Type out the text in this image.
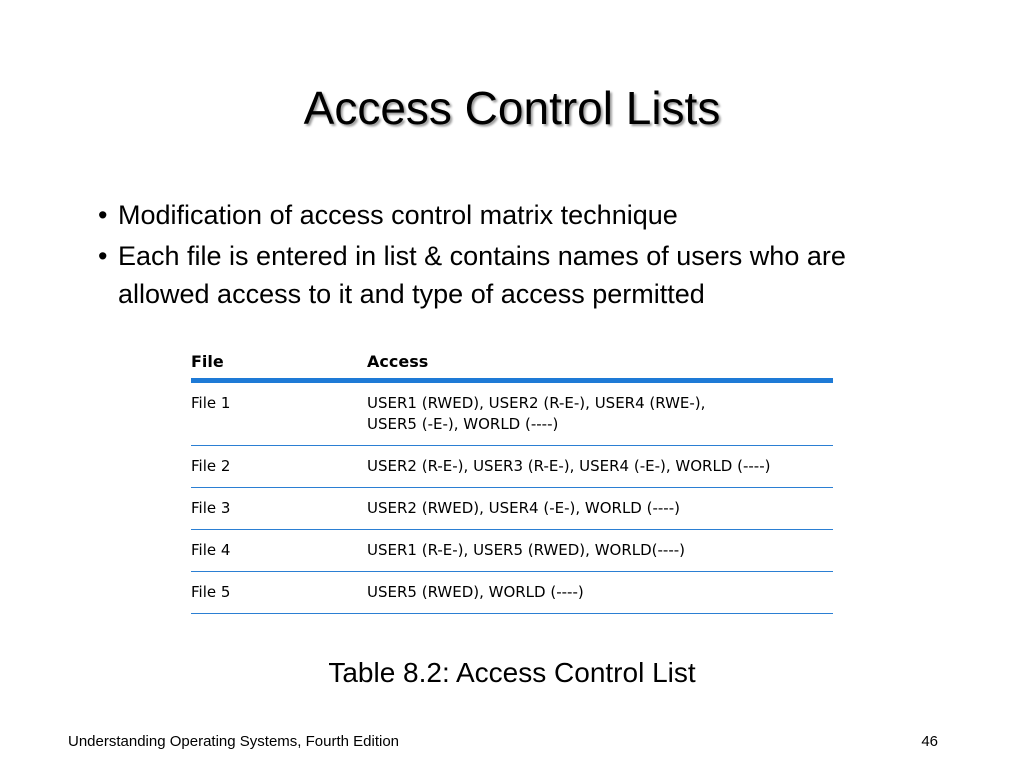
Access Control Lists
• Modification of access control matrix technique
• Each file is entered in list & contains names of users who are allowed access to it and type of access permitted
File	Access
File 1	USER1 (RWED), USER2 (R-E-), USER4 (RWE-),
USER5 (-E-), WORLD (----)

File 2	USER2 (R-E-), USER3 (R-E-), USER4 (-E-), WORLD (----)

File 3	USER2 (RWED), USER4 (-E-), WORLD (----)

File 4	USER1 (R-E-), USER5 (RWED), WORLD(----)

File 5	USER5 (RWED), WORLD (----)
Table 8.2: Access Control List
Understanding Operating Systems, Fourth Edition	46
